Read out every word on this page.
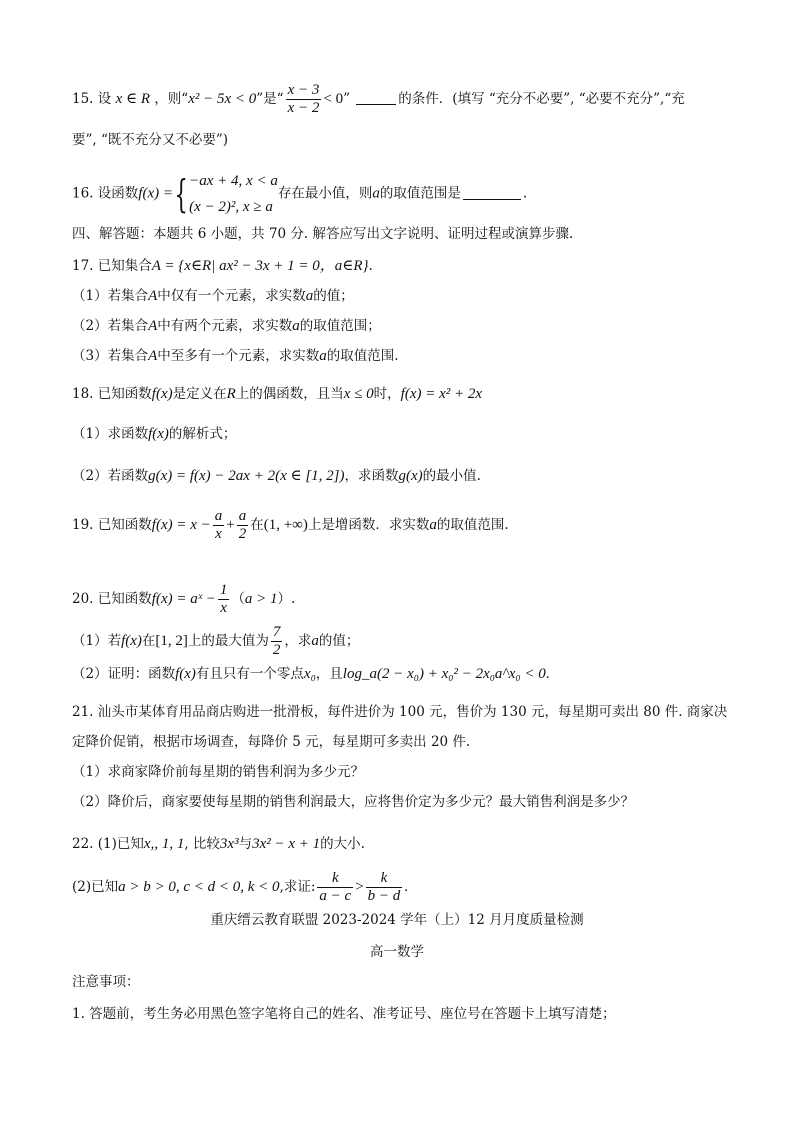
15. 设 x ∈ R ，则“x² − 5x < 0”是“ $\frac{x - 3}{x - 2} < 0$”	的条件．(填写 “充分不必要”, “必要不充分”,“充
要”, “既不充分又不必要”)
16. 设函数f(x) ={ −ax + 4, x < a
(x − 2)², x ≥ a
存在最小值，则a的取值范围是	.
四、解答题：本题共 6 小题，共 70 分. 解答应写出文字说明、证明过程或演算步骤.
17. 已知集合A = {x∈R| ax² − 3x + 1 = 0，a∈R}.
（1）若集合A中仅有一个元素，求实数a的值；
（2）若集合A中有两个元素，求实数a的取值范围；
（3）若集合A中至多有一个元素，求实数a的取值范围.
18. 已知函数f(x)是定义在R上的偶函数，且当x ≤ 0时，f(x) = x² + 2x
（1）求函数f(x)的解析式；
（2）若函数g(x) = f(x) − 2ax + 2(x ∈ [1, 2])，求函数g(x)的最小值.
19. 已知函数$f(x) = x - \frac{a}{x} + \frac{a}{2}$ 在(1, +∞)上是增函数．求实数a的取值范围.
20. 已知函数f(x) = aˣ − $\frac{1}{x} (a > 1)$.
（1）若f(x)在[1, 2]上的最大值为 $\frac{7}{2}$ ，求a的值；
（2）证明：函数f(x)有且只有一个零点x₀，且log_a(2 − x₀) + x₀² − 2x₀a^x₀ < 0.
21. 汕头市某体育用品商店购进一批滑板，每件进价为 100 元，售价为 130 元，每星期可卖出 80 件. 商家决
定降价促销，根据市场调查，每降价 5 元，每星期可多卖出 20 件.
（1）求商家降价前每星期的销售利润为多少元？
（2）降价后，商家要使每星期的销售利润最大，应将售价定为多少元？最大销售利润是多少？
22. (1)已知x,, 1, 1, 比较3x³与3x² − x + 1的大小.
(2)已知a > b > 0, c < d < 0, k < 0,求证: $\frac{k}{a - c} > \frac{k}{b - d}$ .
重庆缙云教育联盟 2023-2024 学年（上）12 月月度质量检测
高一数学
注意事项：
1. 答题前，考生务必用黑色签字笔将自己的姓名、准考证号、座位号在答题卡上填写清楚；
